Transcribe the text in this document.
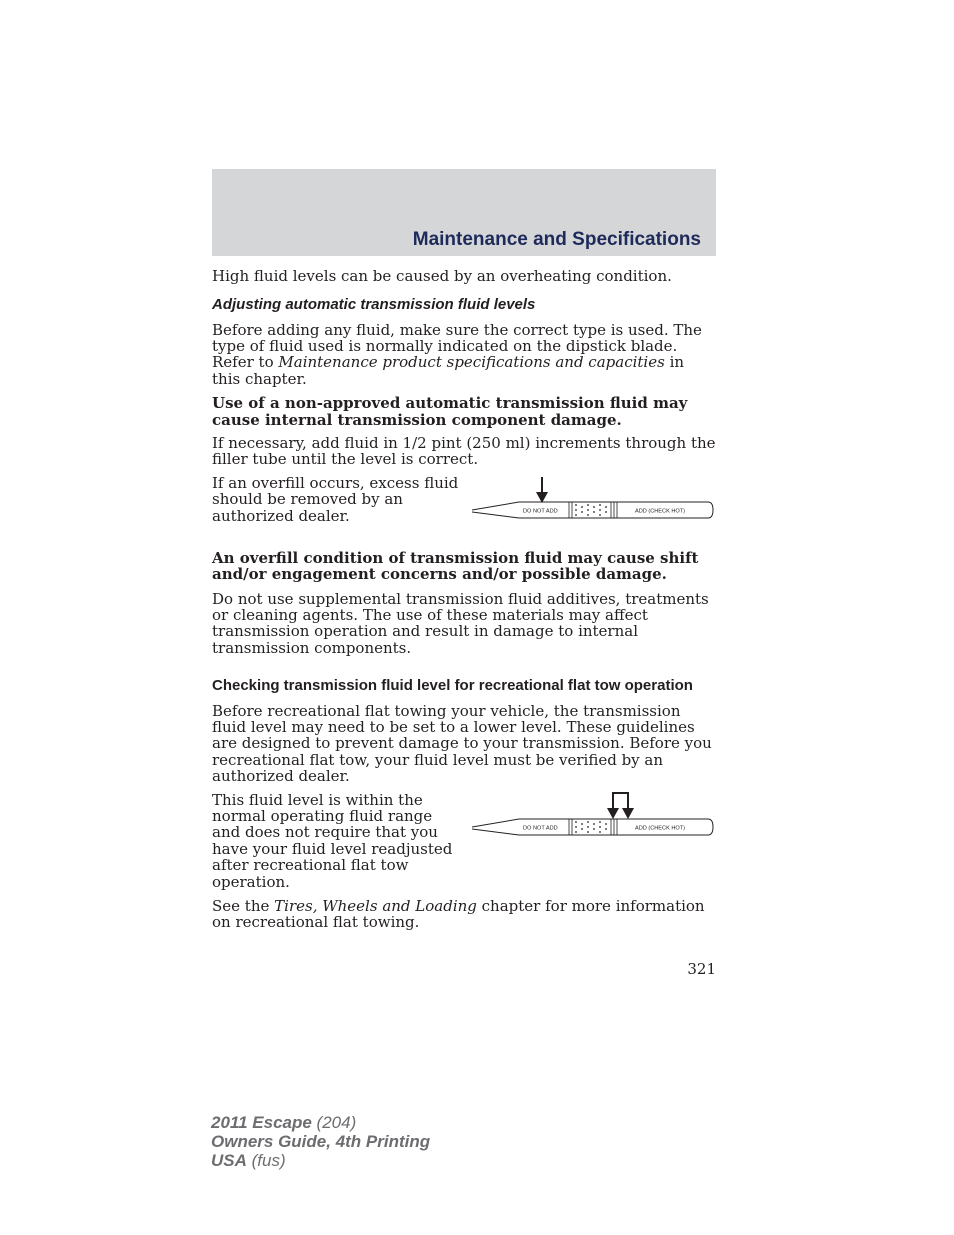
Maintenance and Specifications

High fluid levels can be caused by an overheating condition.

Adjusting automatic transmission fluid levels

Before adding any fluid, make sure the correct type is used. The type of fluid used is normally indicated on the dipstick blade. Refer to Maintenance product specifications and capacities in this chapter.

Use of a non-approved automatic transmission fluid may cause internal transmission component damage.

If necessary, add fluid in 1/2 pint (250 ml) increments through the filler tube until the level is correct.

If an overfill occurs, excess fluid should be removed by an authorized dealer.	DO NOT ADD	ADD (CHECK HOT)

An overfill condition of transmission fluid may cause shift and/or engagement concerns and/or possible damage.

Do not use supplemental transmission fluid additives, treatments or cleaning agents. The use of these materials may affect transmission operation and result in damage to internal transmission components.

Checking transmission fluid level for recreational flat tow operation

Before recreational flat towing your vehicle, the transmission fluid level may need to be set to a lower level. These guidelines are designed to prevent damage to your transmission. Before you recreational flat tow, your fluid level must be verified by an authorized dealer.

This fluid level is within the normal operating fluid range and does not require that you have your fluid level readjusted after recreational flat tow operation.

DO NOT ADD	ADD (CHECK HOT)

See the Tires, Wheels and Loading chapter for more information on recreational flat towing.

321
2011 Escape (204)
Owners Guide, 4th Printing
USA (fus)
